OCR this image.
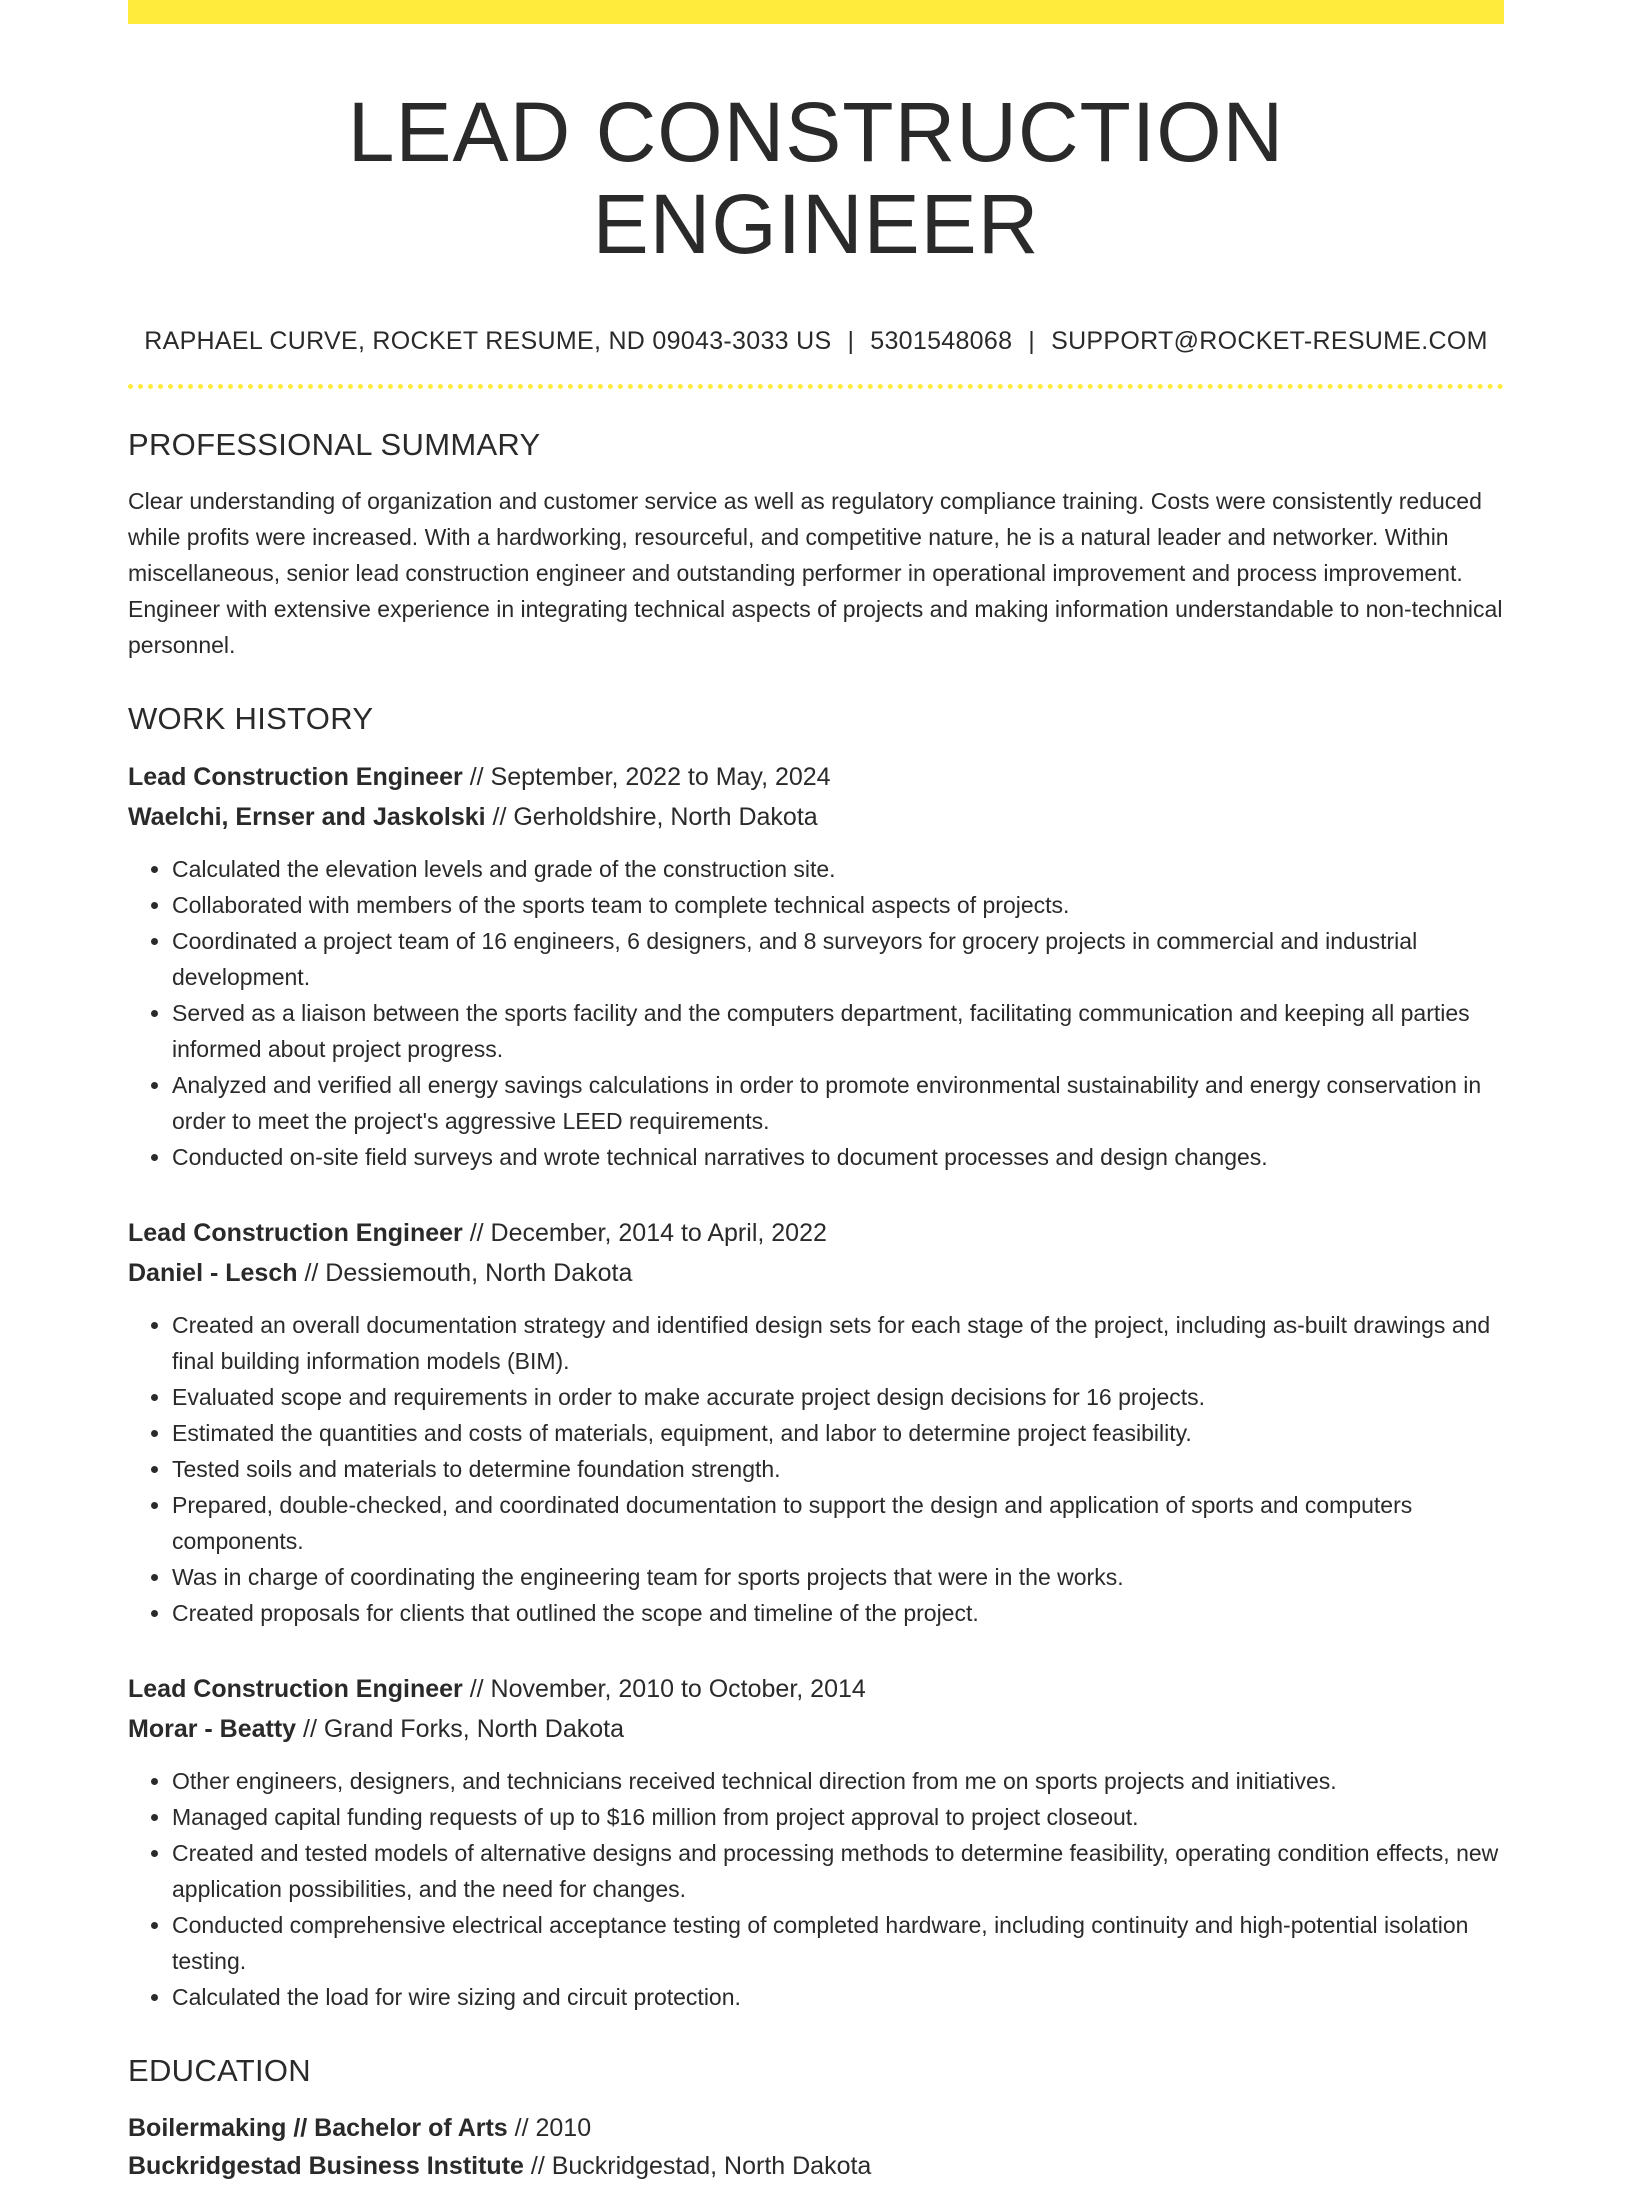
LEAD CONSTRUCTION ENGINEER
RAPHAEL CURVE, ROCKET RESUME, ND 09043-3033 US | 5301548068 | SUPPORT@ROCKET-RESUME.COM
PROFESSIONAL SUMMARY

Clear understanding of organization and customer service as well as regulatory compliance training. Costs were consistently reduced while profits were increased. With a hardworking, resourceful, and competitive nature, he is a natural leader and networker. Within miscellaneous, senior lead construction engineer and outstanding performer in operational improvement and process improvement. Engineer with extensive experience in integrating technical aspects of projects and making information understandable to non-technical personnel.

WORK HISTORY
Lead Construction Engineer // September, 2022 to May, 2024
Waelchi, Ernser and Jaskolski // Gerholdshire, North Dakota
• Calculated the elevation levels and grade of the construction site.
• Collaborated with members of the sports team to complete technical aspects of projects.
• Coordinated a project team of 16 engineers, 6 designers, and 8 surveyors for grocery projects in commercial and industrial development.
• Served as a liaison between the sports facility and the computers department, facilitating communication and keeping all parties informed about project progress.
• Analyzed and verified all energy savings calculations in order to promote environmental sustainability and energy conservation in order to meet the project's aggressive LEED requirements.
• Conducted on-site field surveys and wrote technical narratives to document processes and design changes.
Lead Construction Engineer // December, 2014 to April, 2022
Daniel - Lesch // Dessiemouth, North Dakota
• Created an overall documentation strategy and identified design sets for each stage of the project, including as-built drawings and final building information models (BIM).
• Evaluated scope and requirements in order to make accurate project design decisions for 16 projects.
• Estimated the quantities and costs of materials, equipment, and labor to determine project feasibility.
• Tested soils and materials to determine foundation strength.
• Prepared, double-checked, and coordinated documentation to support the design and application of sports and computers components.
• Was in charge of coordinating the engineering team for sports projects that were in the works.
• Created proposals for clients that outlined the scope and timeline of the project.
Lead Construction Engineer // November, 2010 to October, 2014
Morar - Beatty // Grand Forks, North Dakota
• Other engineers, designers, and technicians received technical direction from me on sports projects and initiatives.
• Managed capital funding requests of up to $16 million from project approval to project closeout.
• Created and tested models of alternative designs and processing methods to determine feasibility, operating condition effects, new application possibilities, and the need for changes.
• Conducted comprehensive electrical acceptance testing of completed hardware, including continuity and high-potential isolation testing.
• Calculated the load for wire sizing and circuit protection.
EDUCATION
Boilermaking // Bachelor of Arts // 2010
Buckridgestad Business Institute // Buckridgestad, North Dakota
